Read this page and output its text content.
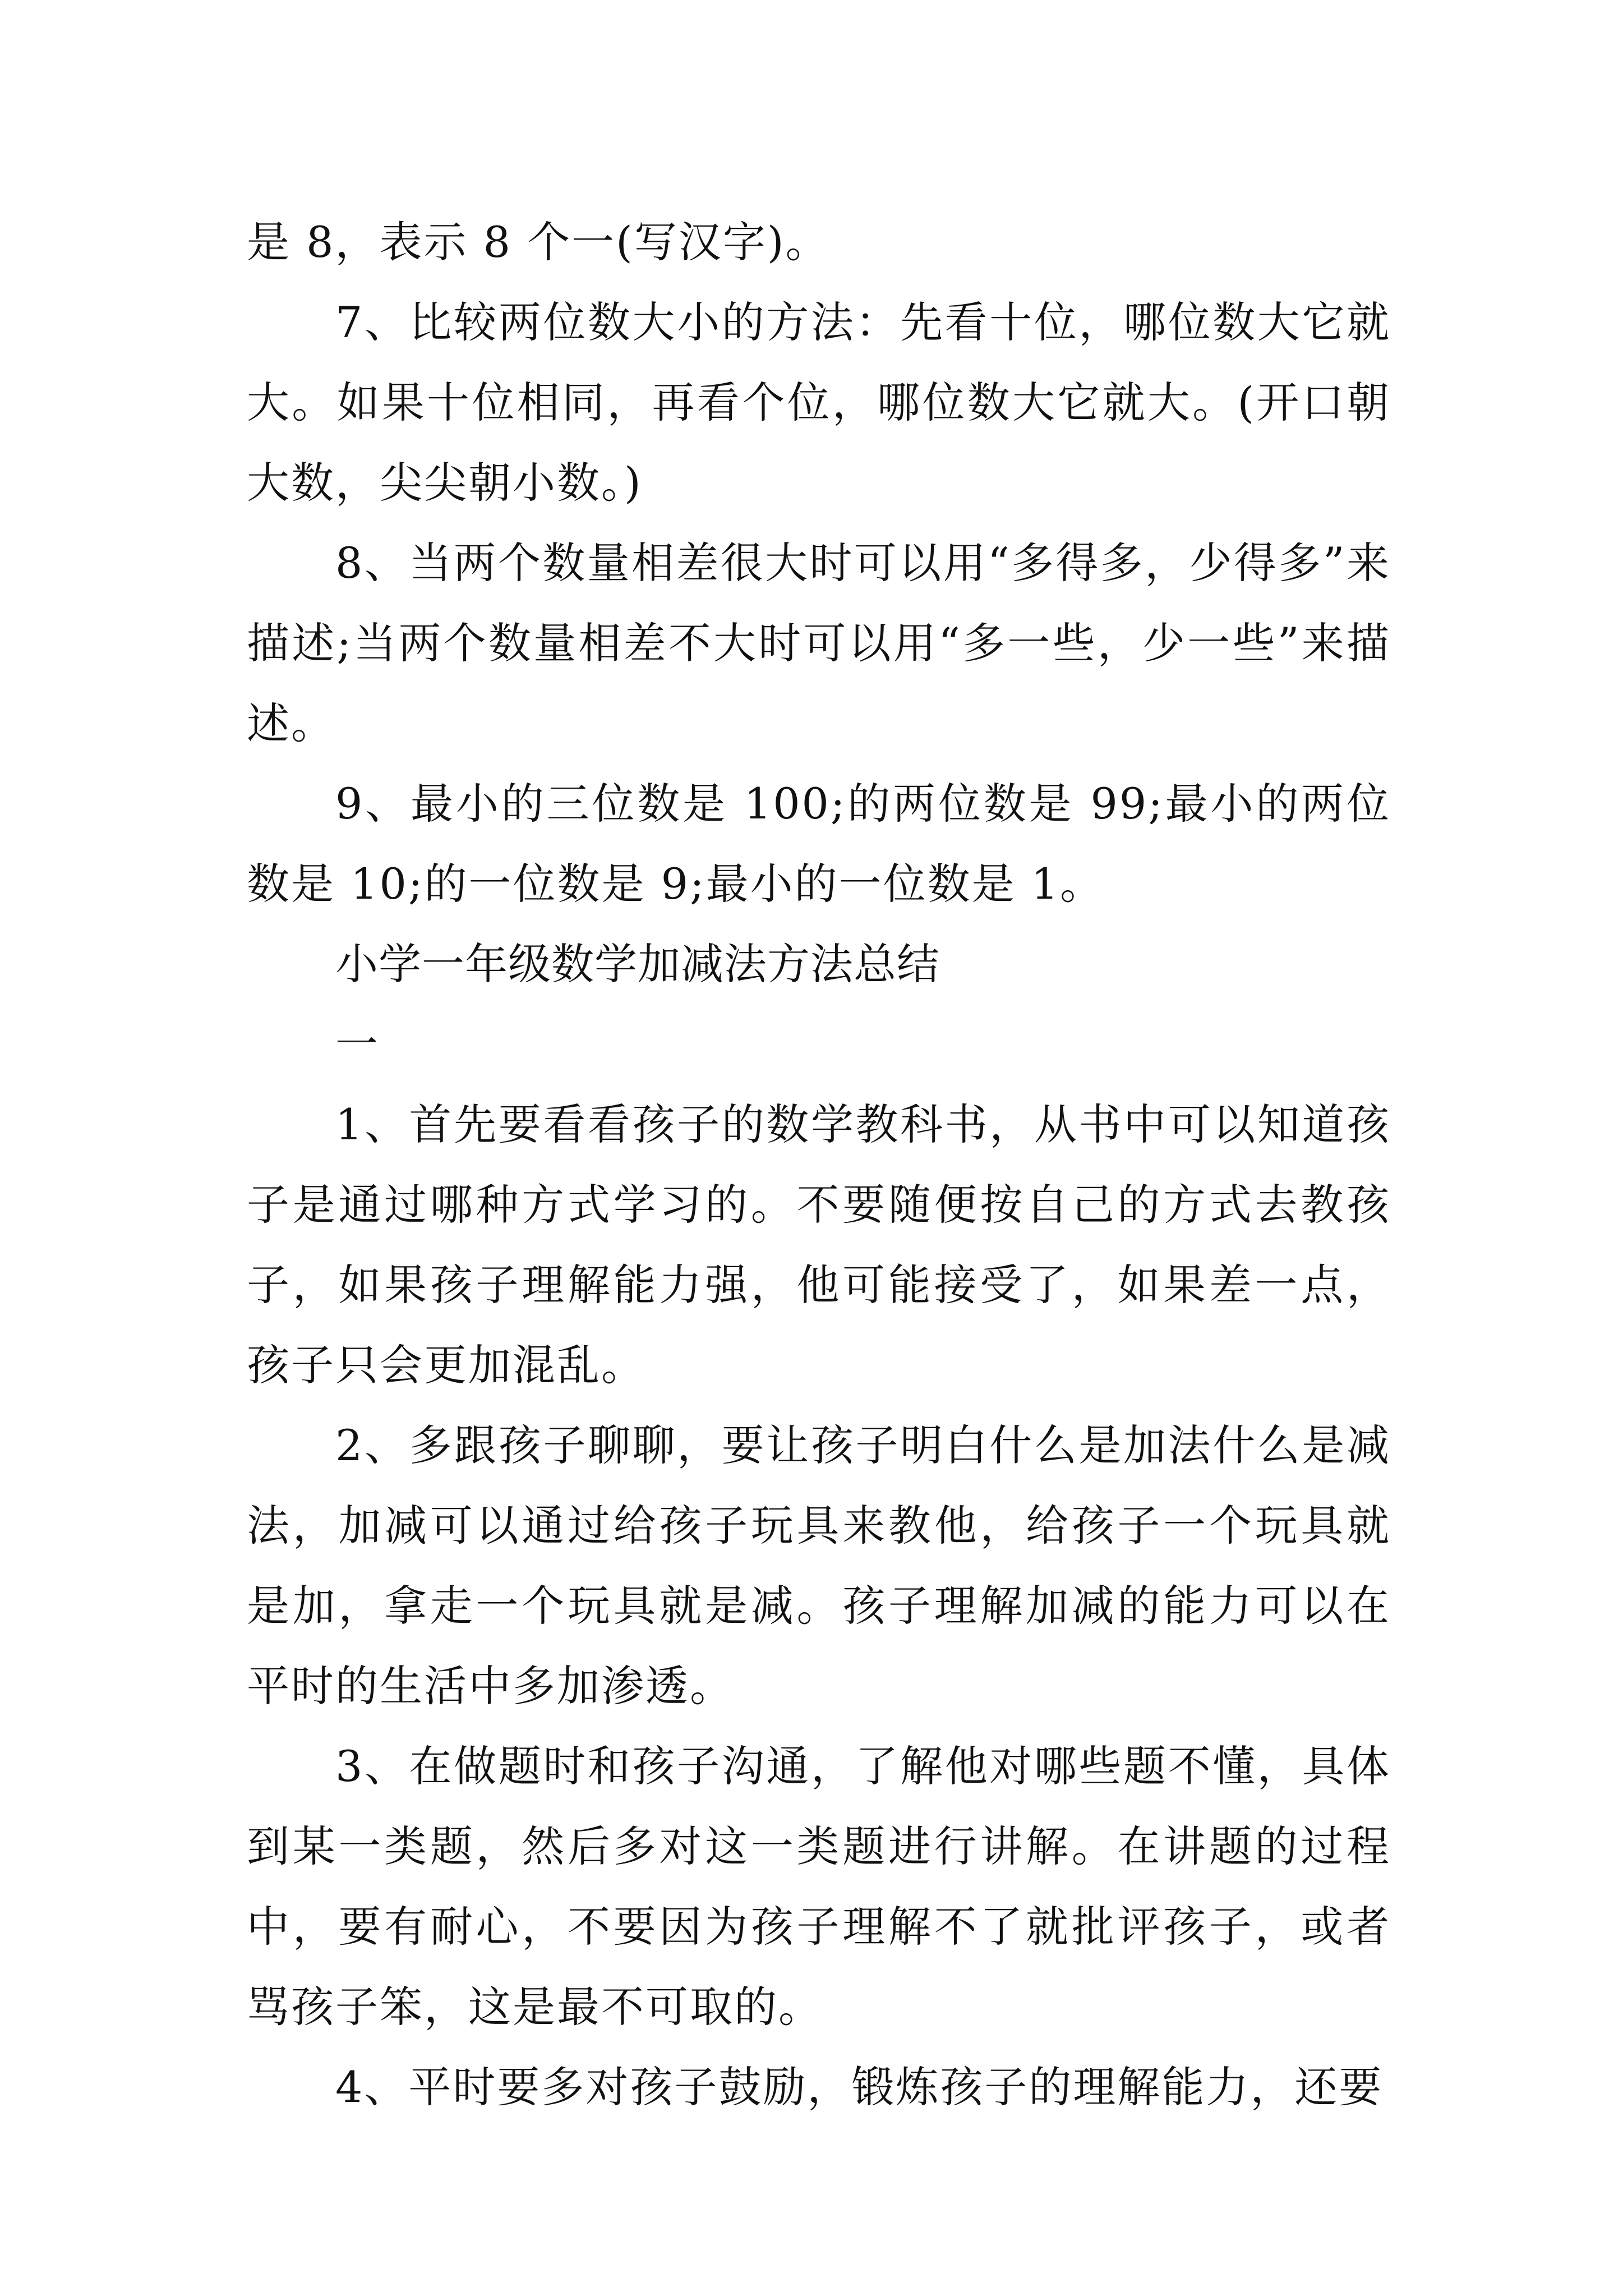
是 8，表示 8 个一(写汉字)。

7、比较两位数大小的方法：先看十位，哪位数大它就大。如果十位相同，再看个位，哪位数大它就大。(开口朝大数，尖尖朝小数。)

8、当两个数量相差很大时可以用“多得多，少得多”来描述;当两个数量相差不大时可以用“多一些，少一些”来描述。

9、最小的三位数是 100;的两位数是 99;最小的两位数是 10;的一位数是 9;最小的一位数是 1。

小学一年级数学加减法方法总结

一

1、首先要看看孩子的数学教科书，从书中可以知道孩子是通过哪种方式学习的。不要随便按自己的方式去教孩子，如果孩子理解能力强，他可能接受了，如果差一点，孩子只会更加混乱。

2、多跟孩子聊聊，要让孩子明白什么是加法什么是减法，加减可以通过给孩子玩具来教他，给孩子一个玩具就是加，拿走一个玩具就是减。孩子理解加减的能力可以在平时的生活中多加渗透。

3、在做题时和孩子沟通，了解他对哪些题不懂，具体到某一类题，然后多对这一类题进行讲解。在讲题的过程中，要有耐心，不要因为孩子理解不了就批评孩子，或者骂孩子笨，这是最不可取的。

4、平时要多对孩子鼓励，锻炼孩子的理解能力，还要
